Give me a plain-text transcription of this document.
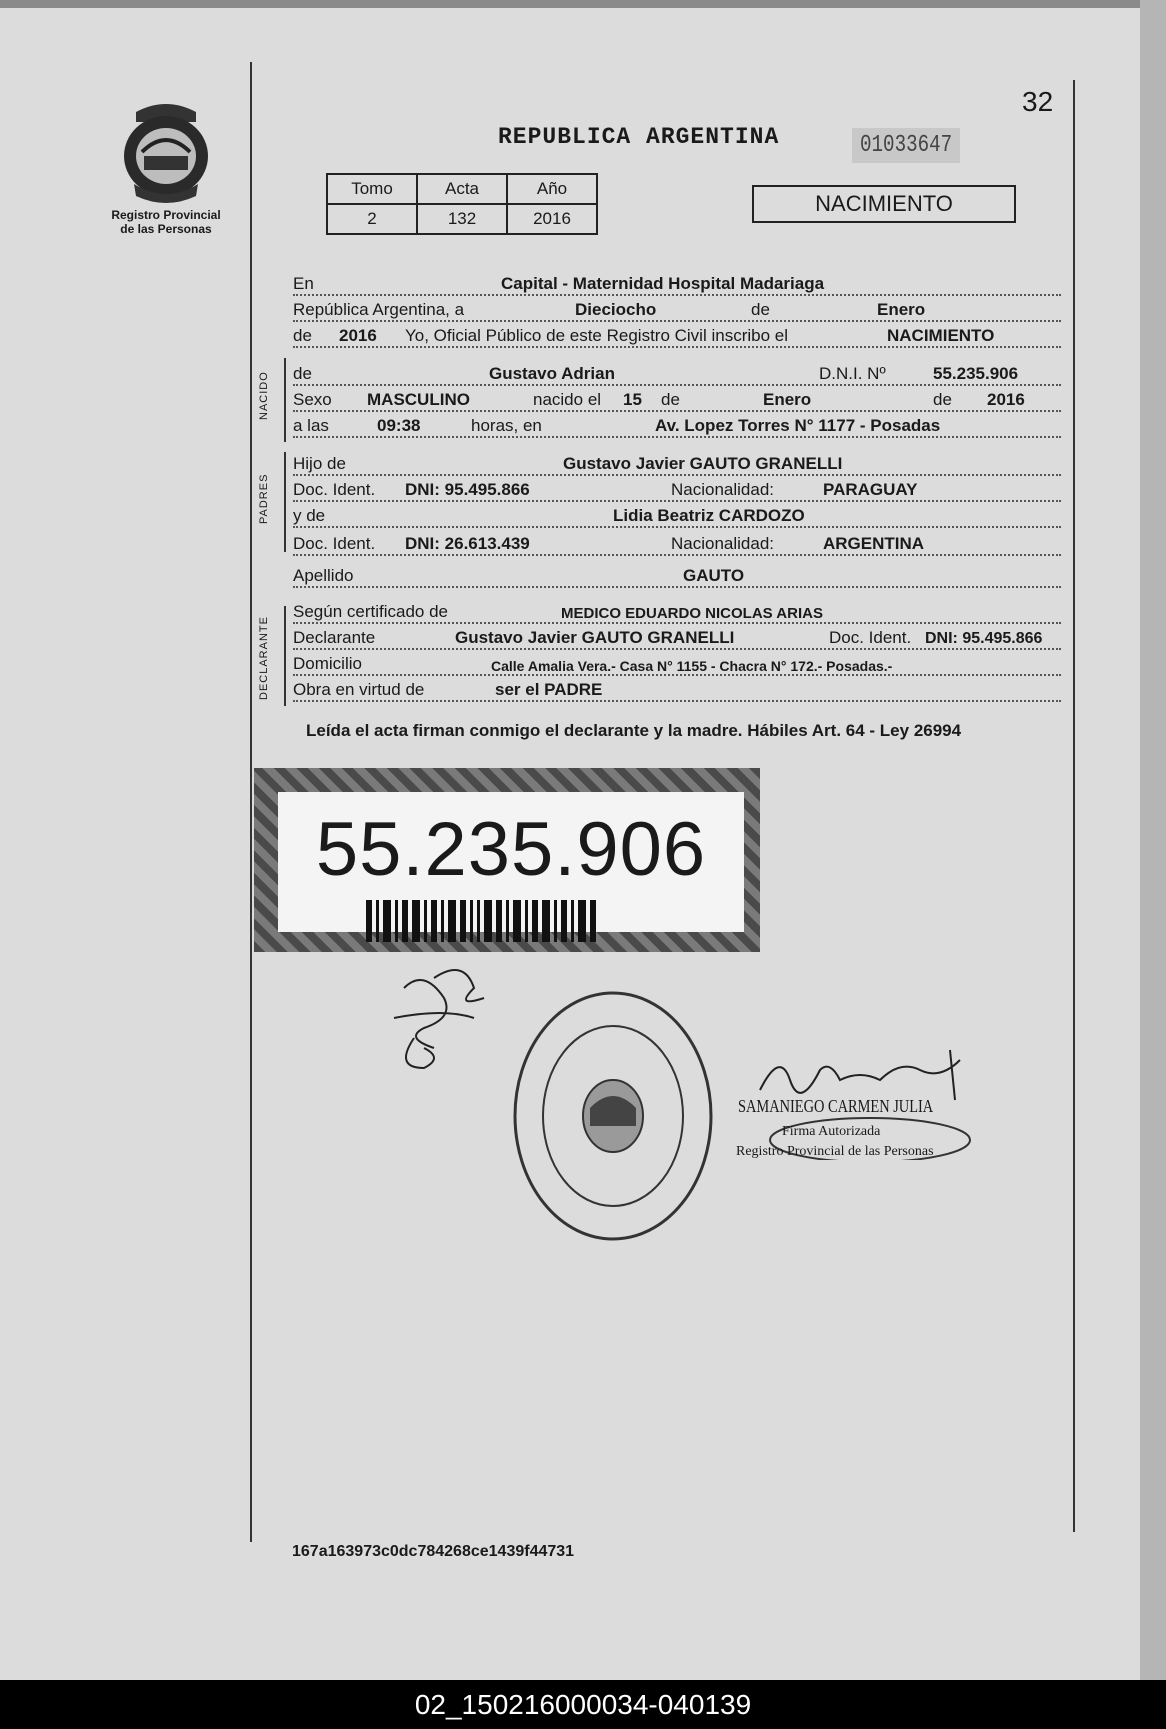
Registro Provincial
de las Personas
32
REPUBLICA ARGENTINA	01033647
Tomo	Acta	Año
2	132	2016
NACIMIENTO
En	Capital - Maternidad Hospital Madariaga
República Argentina, a	Dieciocho	de	Enero
de 2016 Yo, Oficial Público de este Registro Civil inscribo el	NACIMIENTO
NACIDO de	Gustavo Adrian	D.N.I. Nº	55.235.906
Sexo MASCULINO	nacido el 15 de	Enero	de 2016
a las	09:38	horas, en	Av. Lopez Torres N° 1177 - Posadas
PADRES
Hijo de	Gustavo Javier GAUTO GRANELLI
Doc. Ident. DNI: 95.495.866	Nacionalidad:	PARAGUAY
y de	Lidia Beatriz CARDOZO
Doc. Ident. DNI: 26.613.439	Nacionalidad:	ARGENTINA
Apellido	GAUTO
DECLARANTE
Según certificado de	MEDICO EDUARDO NICOLAS ARIAS
Declarante	Gustavo Javier GAUTO GRANELLI	Doc. Ident. DNI: 95.495.866
Domicilio	Calle Amalia Vera.- Casa N° 1155 - Chacra N° 172.- Posadas.-
Obra en virtud de	ser el PADRE
Leída el acta firman conmigo el declarante y la madre. Hábiles Art. 64 - Ley 26994
55.235.906
SAMANIEGO CARMEN JULIA
Firma Autorizada
Registro Provincial de las Personas
167a163973c0dc784268ce1439f44731
02_150216000034-040139
